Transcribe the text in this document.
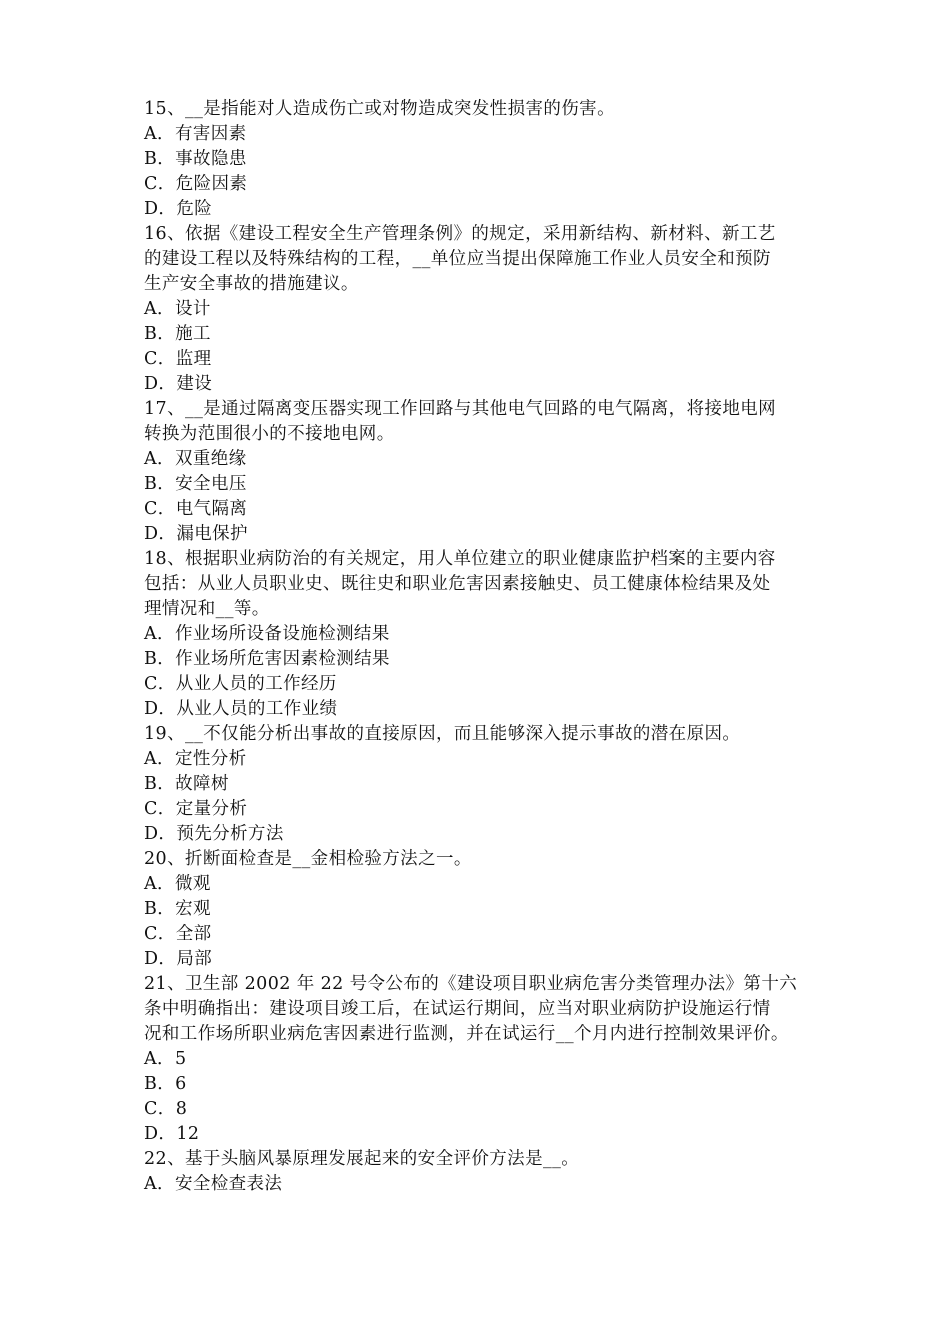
15、__是指能对人造成伤亡或对物造成突发性损害的伤害。
A．有害因素
B．事故隐患
C．危险因素
D．危险
16、依据《建设工程安全生产管理条例》的规定，采用新结构、新材料、新工艺
的建设工程以及特殊结构的工程，__单位应当提出保障施工作业人员安全和预防
生产安全事故的措施建议。
A．设计
B．施工
C．监理
D．建设
17、__是通过隔离变压器实现工作回路与其他电气回路的电气隔离，将接地电网
转换为范围很小的不接地电网。
A．双重绝缘
B．安全电压
C．电气隔离
D．漏电保护
18、根据职业病防治的有关规定，用人单位建立的职业健康监护档案的主要内容
包括：从业人员职业史、既往史和职业危害因素接触史、员工健康体检结果及处
理情况和__等。
A．作业场所设备设施检测结果
B．作业场所危害因素检测结果
C．从业人员的工作经历
D．从业人员的工作业绩
19、__不仅能分析出事故的直接原因，而且能够深入提示事故的潜在原因。
A．定性分析
B．故障树
C．定量分析
D．预先分析方法
20、折断面检查是__金相检验方法之一。
A．微观
B．宏观
C．全部
D．局部
21、卫生部 2002 年 22 号令公布的《建设项目职业病危害分类管理办法》第十六
条中明确指出：建设项目竣工后，在试运行期间，应当对职业病防护设施运行情
况和工作场所职业病危害因素进行监测，并在试运行__个月内进行控制效果评价。
A．5
B．6
C．8
D．12
22、基于头脑风暴原理发展起来的安全评价方法是__。
A．安全检查表法
